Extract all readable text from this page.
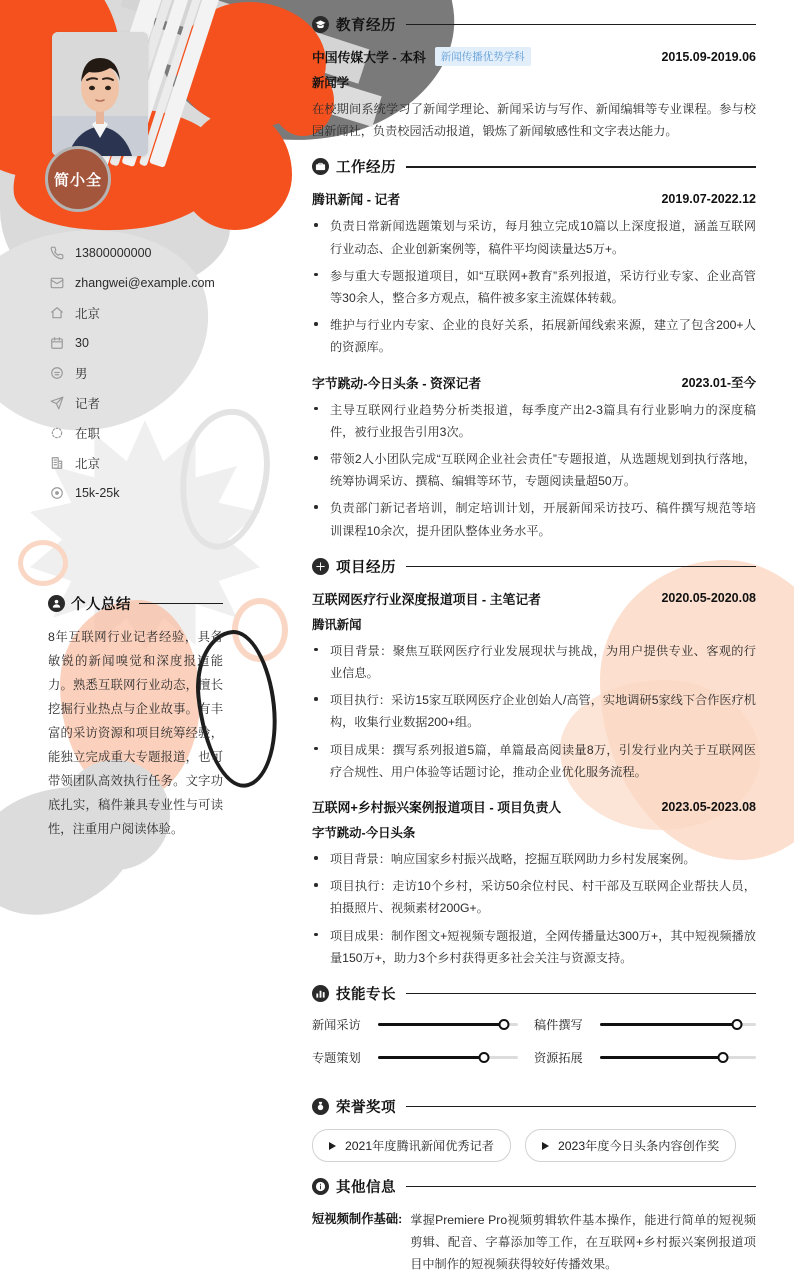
简小全
13800000000
zhangwei@example.com
北京
30
男
记者
在职
北京
15k-25k
个人总结
8年互联网行业记者经验，具备敏锐的新闻嗅觉和深度报道能力。熟悉互联网行业动态，擅长挖掘行业热点与企业故事。有丰富的采访资源和项目统筹经验，能独立完成重大专题报道，也可带领团队高效执行任务。文字功底扎实，稿件兼具专业性与可读性，注重用户阅读体验。
教育经历
中国传媒大学 - 本科	新闻传播优势学科	2015.09-2019.06
新闻学
在校期间系统学习了新闻学理论、新闻采访与写作、新闻编辑等专业课程。参与校园新闻社，负责校园活动报道，锻炼了新闻敏感性和文字表达能力。
工作经历
腾讯新闻 - 记者	2019.07-2022.12
负责日常新闻选题策划与采访，每月独立完成10篇以上深度报道，涵盖互联网行业动态、企业创新案例等，稿件平均阅读量达5万+。
参与重大专题报道项目，如“互联网+教育”系列报道，采访行业专家、企业高管等30余人，整合多方观点，稿件被多家主流媒体转载。
维护与行业内专家、企业的良好关系，拓展新闻线索来源，建立了包含200+人的资源库。
字节跳动-今日头条 - 资深记者	2023.01-至今
主导互联网行业趋势分析类报道，每季度产出2-3篇具有行业影响力的深度稿件，被行业报告引用3次。
带领2人小团队完成“互联网企业社会责任”专题报道，从选题规划到执行落地，统筹协调采访、撰稿、编辑等环节，专题阅读量超50万。
负责部门新记者培训，制定培训计划，开展新闻采访技巧、稿件撰写规范等培训课程10余次，提升团队整体业务水平。
项目经历
互联网医疗行业深度报道项目 - 主笔记者	2020.05-2020.08
腾讯新闻
项目背景：聚焦互联网医疗行业发展现状与挑战，为用户提供专业、客观的行业信息。
项目执行：采访15家互联网医疗企业创始人/高管，实地调研5家线下合作医疗机构，收集行业数据200+组。
项目成果：撰写系列报道5篇，单篇最高阅读量8万，引发行业内关于互联网医疗合规性、用户体验等话题讨论，推动企业优化服务流程。
互联网+乡村振兴案例报道项目 - 项目负责人	2023.05-2023.08
字节跳动-今日头条
项目背景：响应国家乡村振兴战略，挖掘互联网助力乡村发展案例。
项目执行：走访10个乡村，采访50余位村民、村干部及互联网企业帮扶人员，拍摄照片、视频素材200G+。
项目成果：制作图文+短视频专题报道，全网传播量达300万+，其中短视频播放量150万+，助力3个乡村获得更多社会关注与资源支持。
技能专长
新闻采访	稿件撰写
专题策划	资源拓展
荣誉奖项
2021年度腾讯新闻优秀记者	2023年度今日头条内容创作奖
其他信息
短视频制作基础: 掌握Premiere Pro视频剪辑软件基本操作，能进行简单的短视频剪辑、配音、字幕添加等工作，在互联网+乡村振兴案例报道项目中制作的短视频获得较好传播效果。
